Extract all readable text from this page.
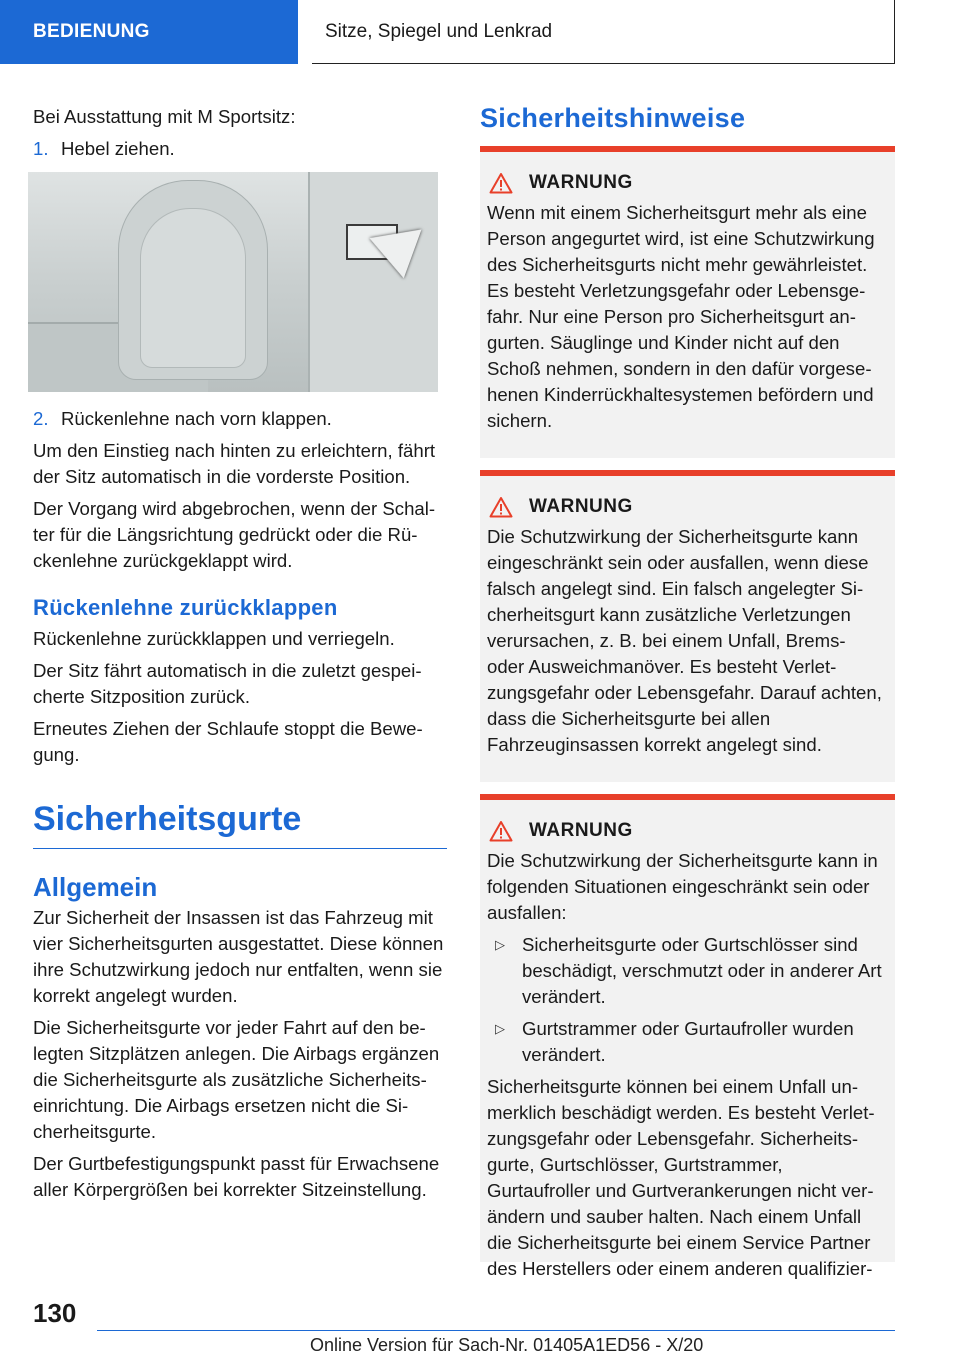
BEDIENUNG	Sitze, Spiegel und Lenkrad

Bei Ausstattung mit M Sportsitz:

1. Hebel ziehen.
2. Rückenlehne nach vorn klappen.

Um den Einstieg nach hinten zu erleichtern, fährt der Sitz automatisch in die vorderste Position.

Der Vorgang wird abgebrochen, wenn der Schalter für die Längsrichtung gedrückt oder die Rückenlehne zurückgeklappt wird.

Rückenlehne zurückklappen

Rückenlehne zurückklappen und verriegeln.

Der Sitz fährt automatisch in die zuletzt gespeicherte Sitzposition zurück.

Erneutes Ziehen der Schlaufe stoppt die Bewegung.

Sicherheitsgurte
Allgemein

Zur Sicherheit der Insassen ist das Fahrzeug mit vier Sicherheitsgurten ausgestattet. Diese können ihre Schutzwirkung jedoch nur entfalten, wenn sie korrekt angelegt wurden.

Die Sicherheitsgurte vor jeder Fahrt auf den belegten Sitzplätzen anlegen. Die Airbags ergänzen die Sicherheitsgurte als zusätzliche Sicherheitseinrichtung. Die Airbags ersetzen nicht die Sicherheitsgurte.

Der Gurtbefestigungspunkt passt für Erwachsene aller Körpergrößen bei korrekter Sitzeinstellung.

Sicherheitshinweise
WARNUNG

Wenn mit einem Sicherheitsgurt mehr als eine Person angegurtet wird, ist eine Schutzwirkung des Sicherheitsgurts nicht mehr gewährleistet. Es besteht Verletzungsgefahr oder Lebensgefahr. Nur eine Person pro Sicherheitsgurt angurten. Säuglinge und Kinder nicht auf den Schoß nehmen, sondern in den dafür vorgesehenen Kinderrückhaltesystemen befördern und sichern.

WARNUNG

Die Schutzwirkung der Sicherheitsgurte kann eingeschränkt sein oder ausfallen, wenn diese falsch angelegt sind. Ein falsch angelegter Sicherheitsgurt kann zusätzliche Verletzungen verursachen, z. B. bei einem Unfall, Brems- oder Ausweichmanöver. Es besteht Verletzungsgefahr oder Lebensgefahr. Darauf achten, dass die Sicherheitsgurte bei allen Fahrzeuginsassen korrekt angelegt sind.

WARNUNG

Die Schutzwirkung der Sicherheitsgurte kann in folgenden Situationen eingeschränkt sein oder ausfallen:

▷ Sicherheitsgurte oder Gurtschlösser sind beschädigt, verschmutzt oder in anderer Art verändert.
▷ Gurtstrammer oder Gurtaufroller wurden verändert.

Sicherheitsgurte können bei einem Unfall unmerklich beschädigt werden. Es besteht Verletzungsgefahr oder Lebensgefahr. Sicherheitsgurte, Gurtschlösser, Gurtstrammer, Gurtaufroller und Gurtverankerungen nicht verändern und sauber halten. Nach einem Unfall die Sicherheitsgurte bei einem Service Partner des Herstellers oder einem anderen qualifizier-

130
Online Version für Sach-Nr. 01405A1ED56 - X/20
